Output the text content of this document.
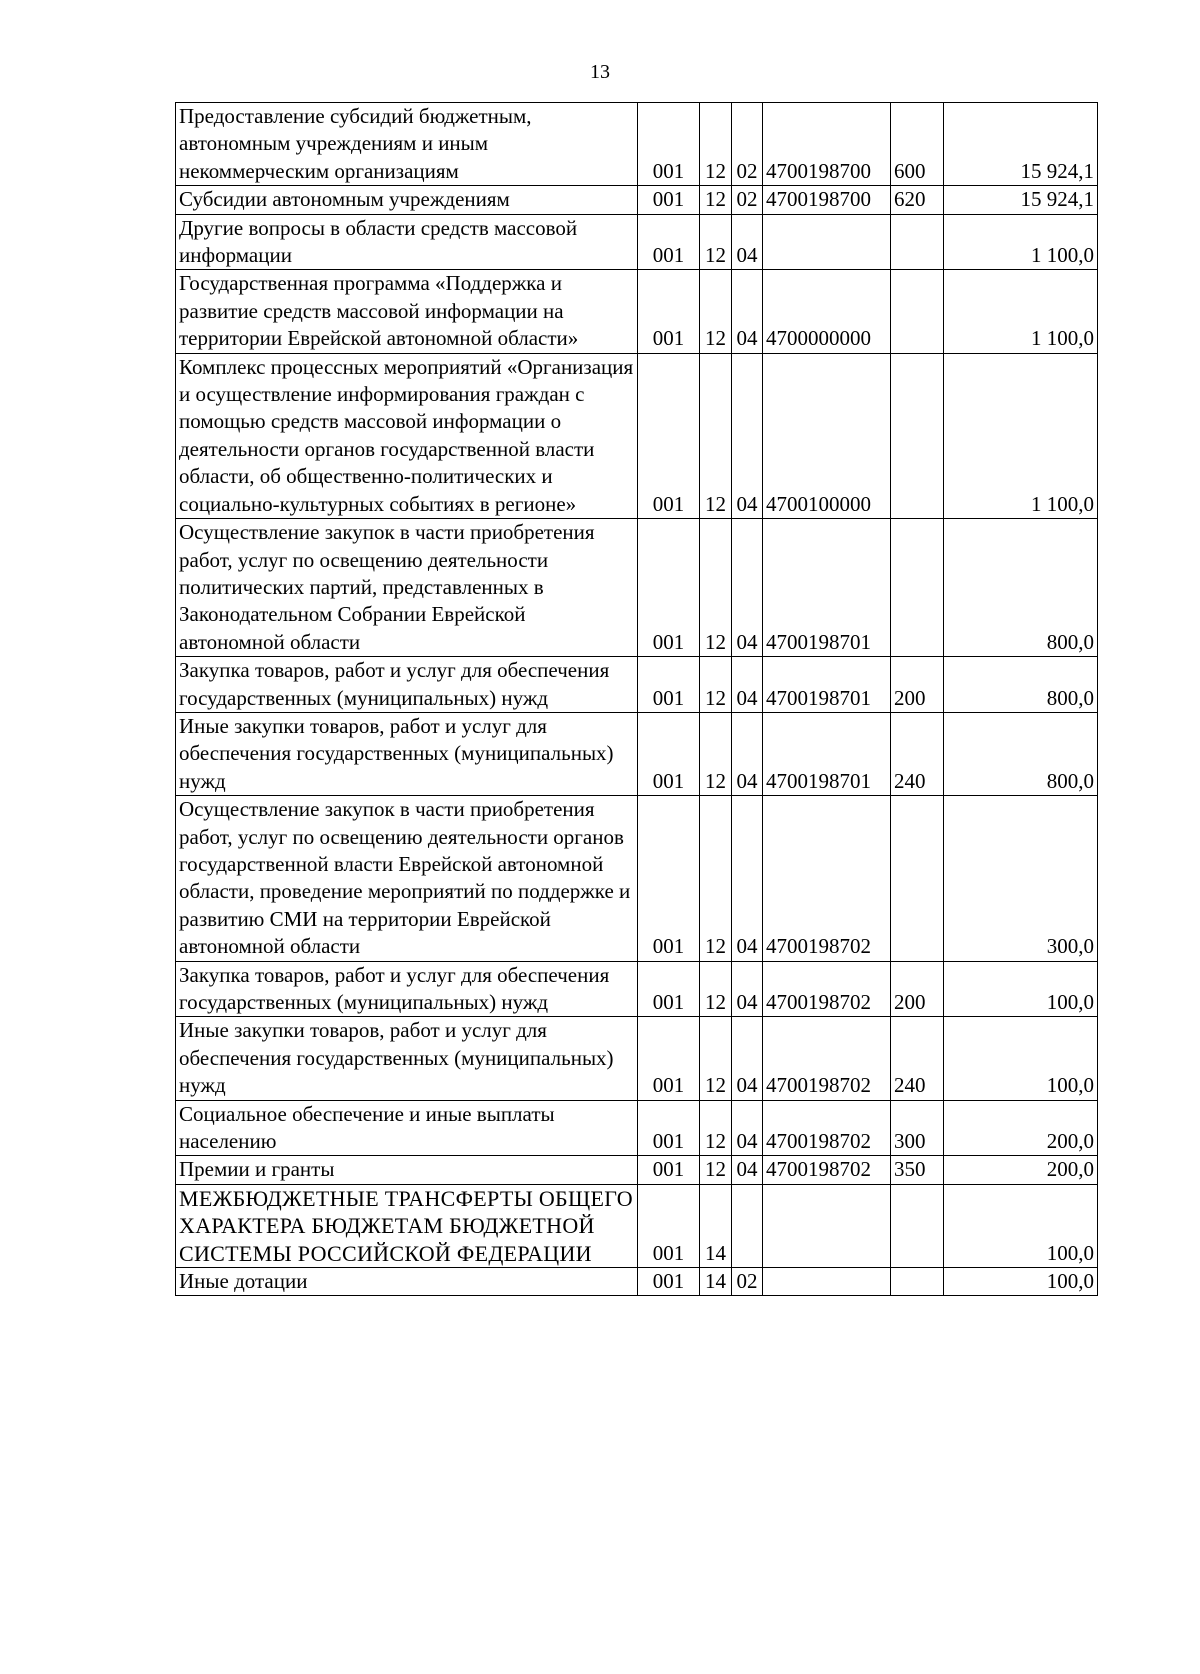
13
Предоставление субсидий бюджетным, автономным учреждениям и иным некоммерческим организациям	001	12	02	4700198700	600	15 924,1
Субсидии автономным учреждениям	001	12	02	4700198700	620	15 924,1
Другие вопросы в области средств массовой информации	001	12	04			1 100,0
Государственная программа «Поддержка и развитие средств массовой информации на территории Еврейской автономной области»	001	12	04	4700000000		1 100,0
Комплекс процессных мероприятий «Организация и осуществление информирования граждан с помощью средств массовой информации о деятельности органов государственной власти области, об общественно-политических и социально-культурных событиях в регионе»	001	12	04	4700100000		1 100,0
Осуществление закупок в части приобретения работ, услуг по освещению деятельности политических партий, представленных в Законодательном Собрании Еврейской автономной области	001	12	04	4700198701		800,0
Закупка товаров, работ и услуг для обеспечения государственных (муниципальных) нужд	001	12	04	4700198701	200	800,0
Иные закупки товаров, работ и услуг для обеспечения государственных (муниципальных) нужд	001	12	04	4700198701	240	800,0
Осуществление закупок в части приобретения работ, услуг по освещению деятельности органов государственной власти Еврейской автономной области, проведение мероприятий по поддержке и развитию СМИ на территории Еврейской автономной области	001	12	04	4700198702		300,0
Закупка товаров, работ и услуг для обеспечения государственных (муниципальных) нужд	001	12	04	4700198702	200	100,0
Иные закупки товаров, работ и услуг для обеспечения государственных (муниципальных) нужд	001	12	04	4700198702	240	100,0
Социальное обеспечение и иные выплаты населению	001	12	04	4700198702	300	200,0
Премии и гранты	001	12	04	4700198702	350	200,0
МЕЖБЮДЖЕТНЫЕ ТРАНСФЕРТЫ ОБЩЕГО ХАРАКТЕРА БЮДЖЕТАМ БЮДЖЕТНОЙ СИСТЕМЫ РОССИЙСКОЙ ФЕДЕРАЦИИ	001	14				100,0
Иные дотации	001	14	02			100,0
